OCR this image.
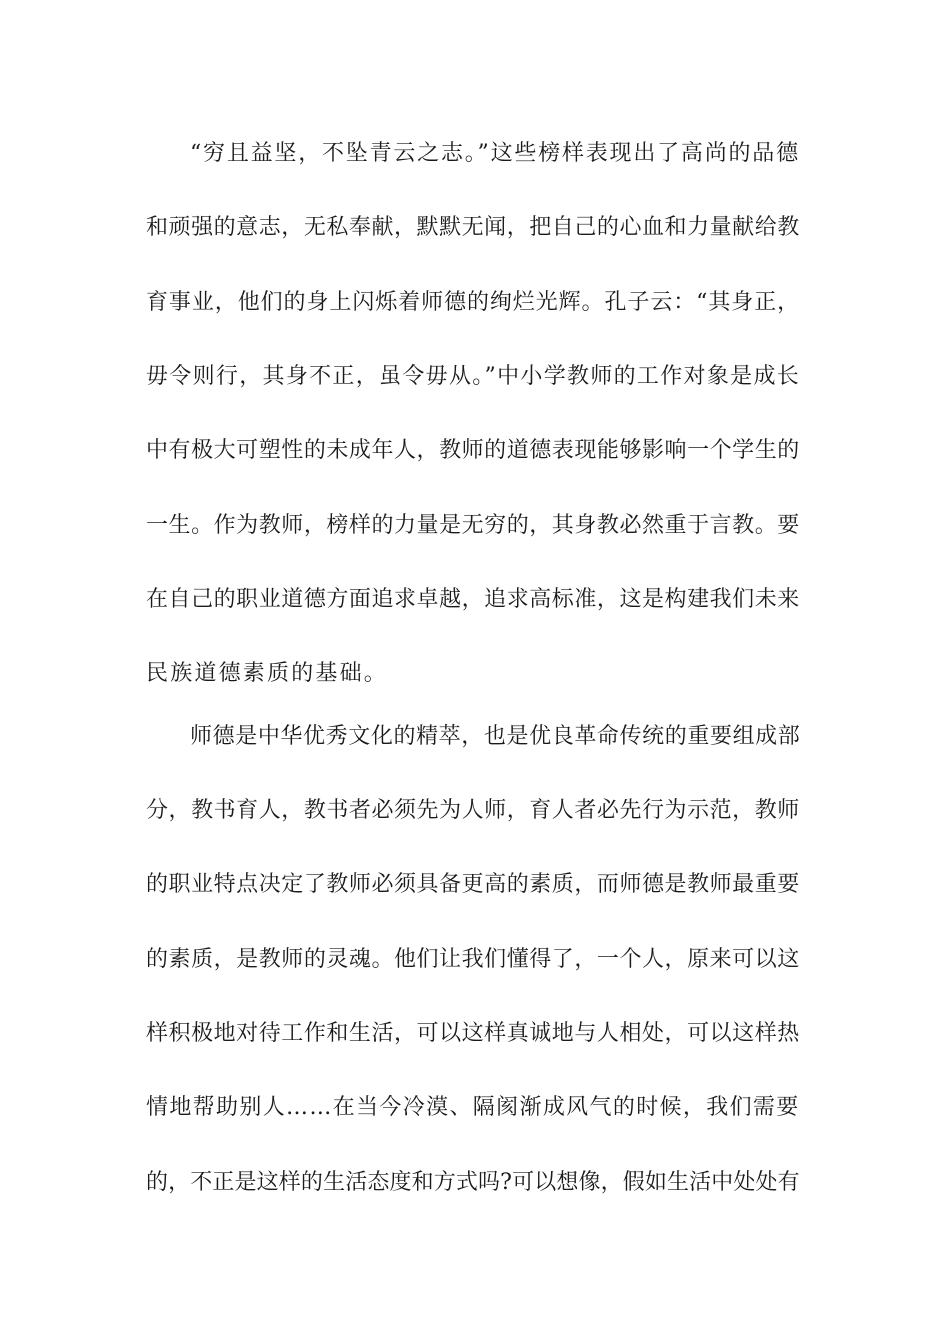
“穷且益坚，不坠青云之志。”这些榜样表现出了高尚的品德
和顽强的意志，无私奉献，默默无闻，把自己的心血和力量献给教
育事业，他们的身上闪烁着师德的绚烂光辉。孔子云：“其身正，
毋令则行，其身不正，虽令毋从。”中小学教师的工作对象是成长
中有极大可塑性的未成年人，教师的道德表现能够影响一个学生的
一生。作为教师，榜样的力量是无穷的，其身教必然重于言教。要
在自己的职业道德方面追求卓越，追求高标准，这是构建我们未来
民族道德素质的基础。
师德是中华优秀文化的精萃，也是优良革命传统的重要组成部
分，教书育人，教书者必须先为人师，育人者必先行为示范，教师
的职业特点决定了教师必须具备更高的素质，而师德是教师最重要
的素质，是教师的灵魂。他们让我们懂得了，一个人，原来可以这
样积极地对待工作和生活，可以这样真诚地与人相处，可以这样热
情地帮助别人……在当今冷漠、隔阂渐成风气的时候，我们需要
的，不正是这样的生活态度和方式吗?可以想像，假如生活中处处有
